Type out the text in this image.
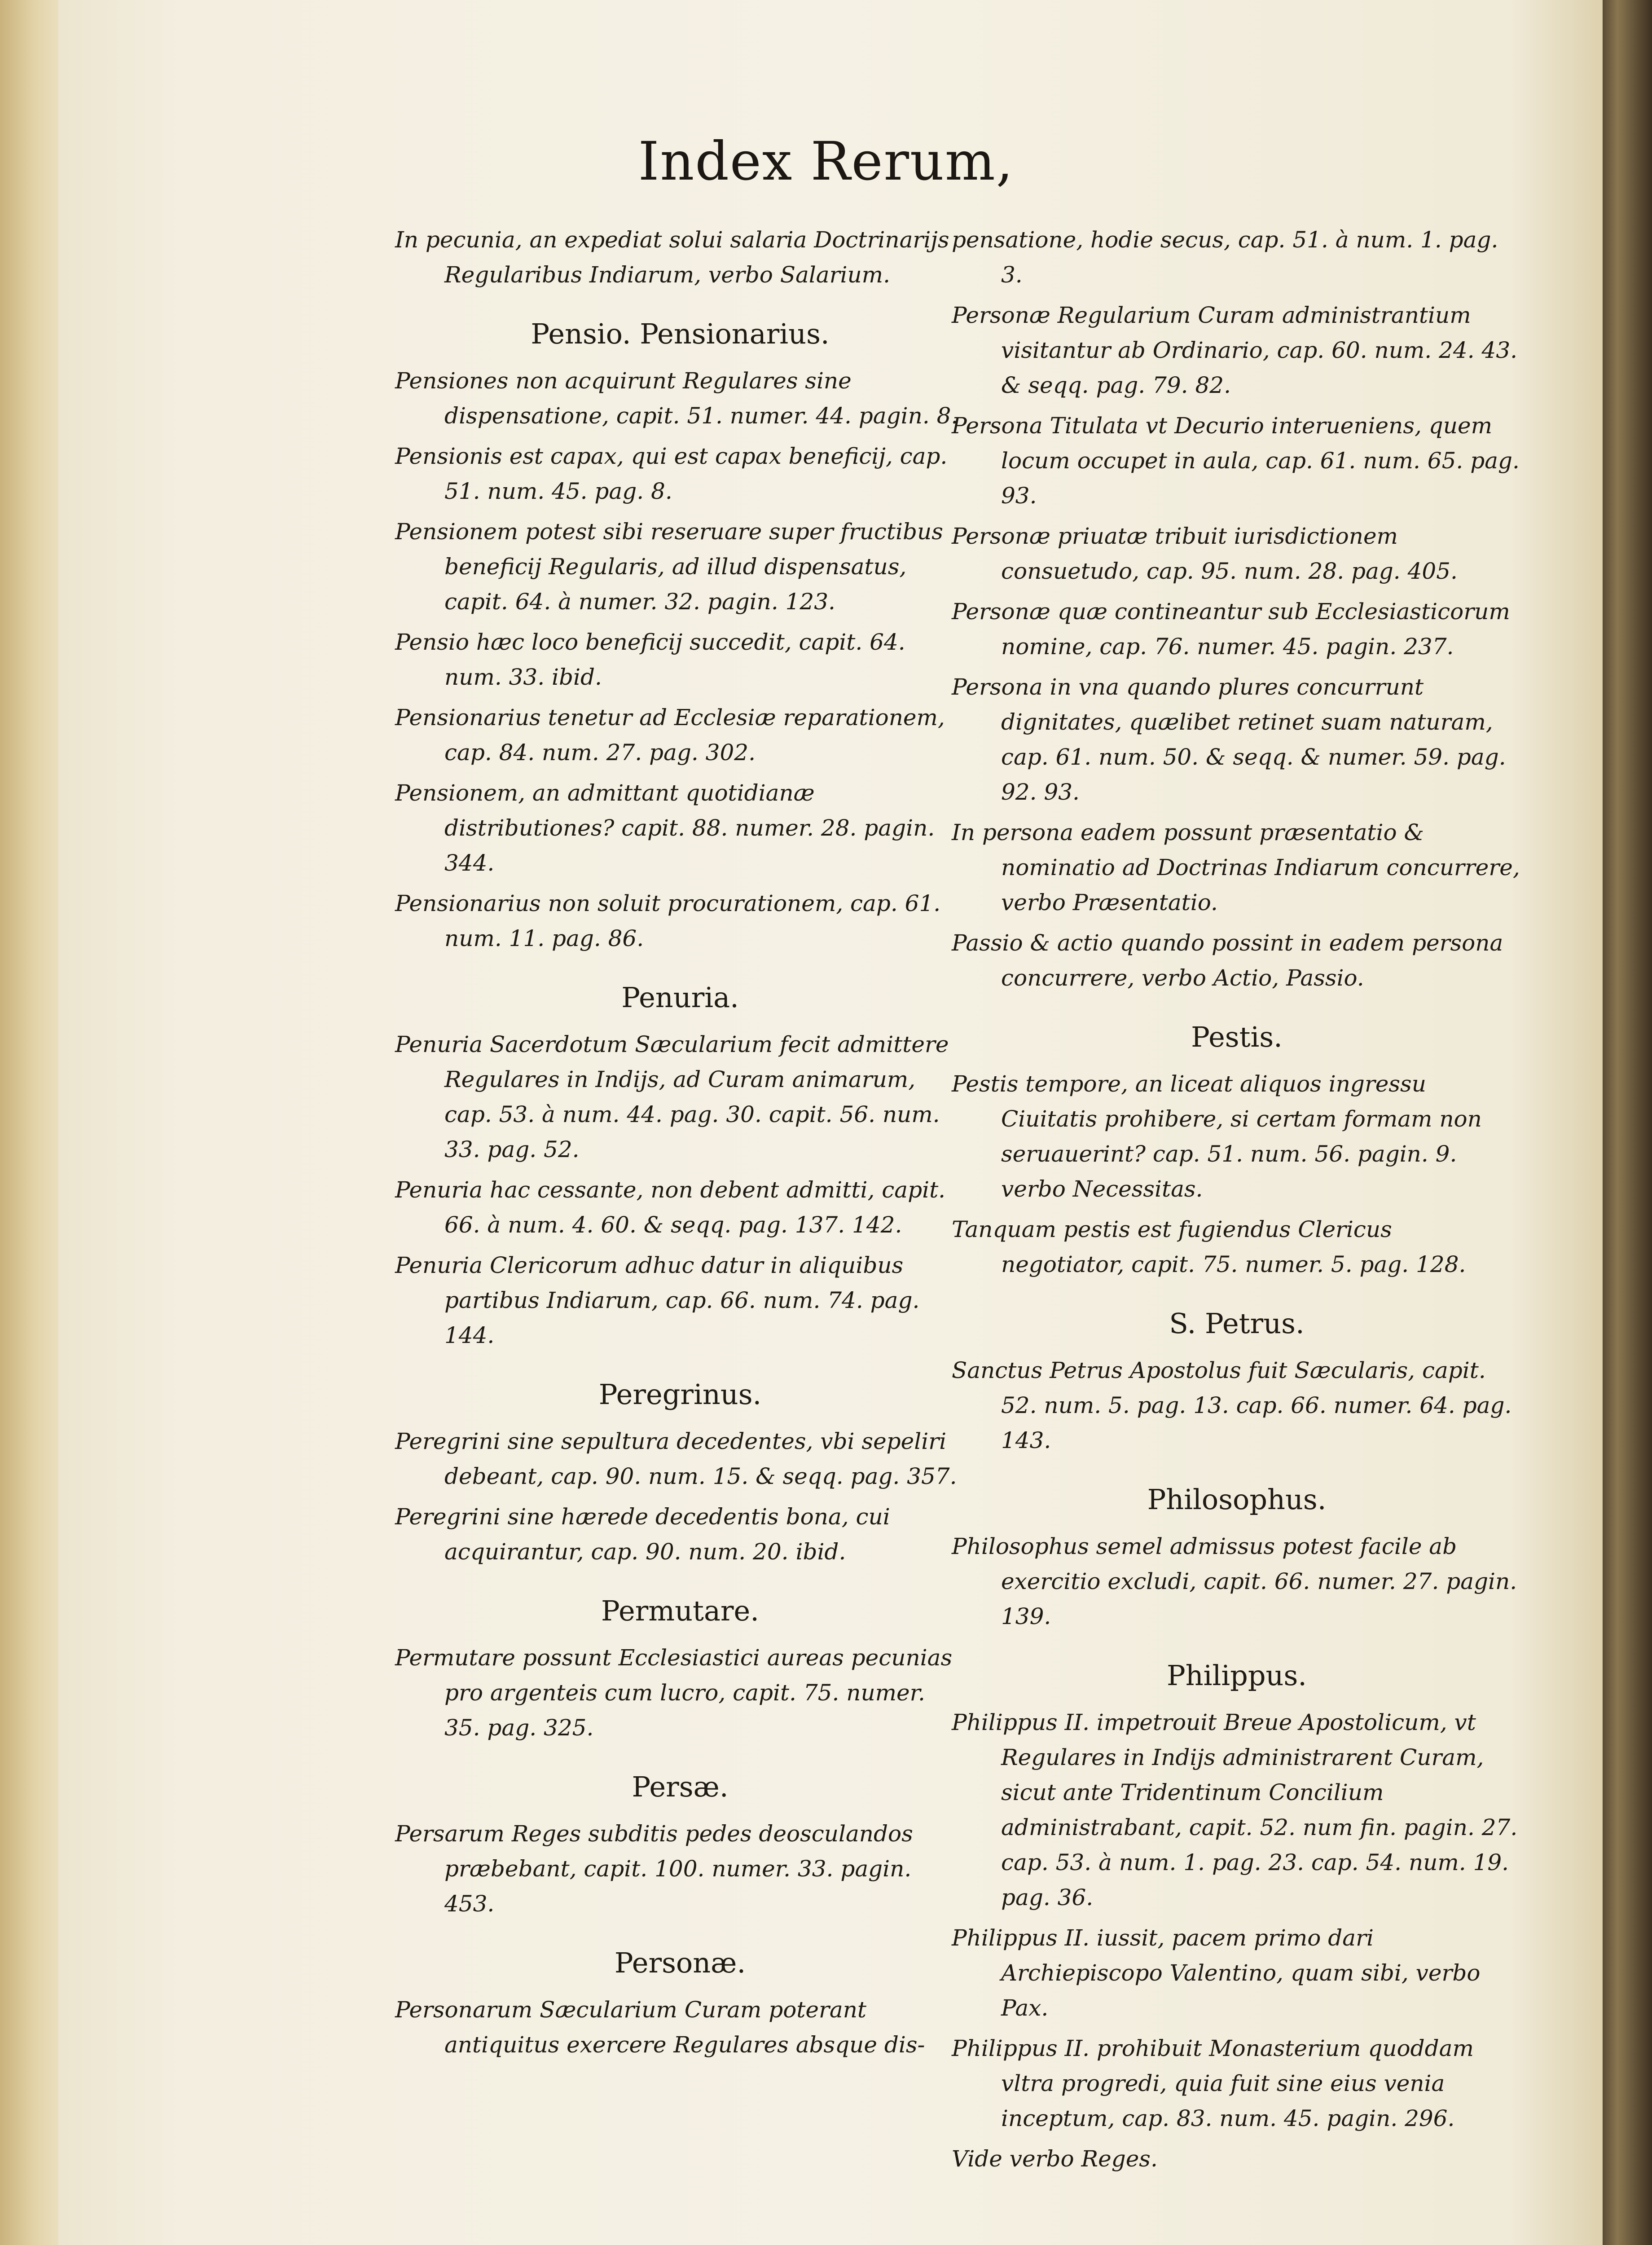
Index Rerum,
In pecunia, an expediat solui salaria Doctrinarijs Regularibus Indiarum, verbo Salarium.
Pensio. Pensionarius.
Pensiones non acquirunt Regulares sine dispensatione, capit. 51. numer. 44. pagin. 8.
Pensionis est capax, qui est capax beneficij, cap. 51. num. 45. pag. 8.
Pensionem potest sibi reseruare super fructibus beneficij Regularis, ad illud dispensatus, capit. 64. à numer. 32. pagin. 123.
Pensio hæc loco beneficij succedit, capit. 64. num. 33. ibid.
Pensionarius tenetur ad Ecclesiæ reparationem, cap. 84. num. 27. pag. 302.
Pensionem, an admittant quotidianæ distributiones? capit. 88. numer. 28. pagin. 344.
Pensionarius non soluit procurationem, cap. 61. num. 11. pag. 86.
Penuria.
Penuria Sacerdotum Sæcularium fecit admittere Regulares in Indijs, ad Curam animarum, cap. 53. à num. 44. pag. 30. capit. 56. num. 33. pag. 52.
Penuria hac cessante, non debent admitti, capit. 66. à num. 4. 60. & seqq. pag. 137. 142.
Penuria Clericorum adhuc datur in aliquibus partibus Indiarum, cap. 66. num. 74. pag. 144.
Peregrinus.
Peregrini sine sepultura decedentes, vbi sepeliri debeant, cap. 90. num. 15. & seqq. pag. 357.
Peregrini sine hærede decedentis bona, cui acquirantur, cap. 90. num. 20. ibid.
Permutare.
Permutare possunt Ecclesiastici aureas pecunias pro argenteis cum lucro, capit. 75. numer. 35. pag. 325.
Persæ.
Persarum Reges subditis pedes deosculandos præbebant, capit. 100. numer. 33. pagin. 453.
Personæ.
Personarum Sæcularium Curam poterant antiquitus exercere Regulares absque dis-
pensatione, hodie secus, cap. 51. à num. 1. pag. 3.
Personæ Regularium Curam administrantium visitantur ab Ordinario, cap. 60. num. 24. 43. & seqq. pag. 79. 82.
Persona Titulata vt Decurio interueniens, quem locum occupet in aula, cap. 61. num. 65. pag. 93.
Personæ priuatæ tribuit iurisdictionem consuetudo, cap. 95. num. 28. pag. 405.
Personæ quæ contineantur sub Ecclesiasticorum nomine, cap. 76. numer. 45. pagin. 237.
Persona in vna quando plures concurrunt dignitates, quælibet retinet suam naturam, cap. 61. num. 50. & seqq. & numer. 59. pag. 92. 93.
In persona eadem possunt præsentatio & nominatio ad Doctrinas Indiarum concurrere, verbo Præsentatio.
Passio & actio quando possint in eadem persona concurrere, verbo Actio, Passio.
Pestis.
Pestis tempore, an liceat aliquos ingressu Ciuitatis prohibere, si certam formam non seruauerint? cap. 51. num. 56. pagin. 9. verbo Necessitas.
Tanquam pestis est fugiendus Clericus negotiator, capit. 75. numer. 5. pag. 128.
S. Petrus.
Sanctus Petrus Apostolus fuit Sæcularis, capit. 52. num. 5. pag. 13. cap. 66. numer. 64. pag. 143.
Philosophus.
Philosophus semel admissus potest facile ab exercitio excludi, capit. 66. numer. 27. pagin. 139.
Philippus.
Philippus II. impetrouit Breue Apostolicum, vt Regulares in Indijs administrarent Curam, sicut ante Tridentinum Concilium administrabant, capit. 52. num fin. pagin. 27. cap. 53. à num. 1. pag. 23. cap. 54. num. 19. pag. 36.
Philippus II. iussit, pacem primo dari Archiepiscopo Valentino, quam sibi, verbo Pax.
Philippus II. prohibuit Monasterium quoddam vltra progredi, quia fuit sine eius venia inceptum, cap. 83. num. 45. pagin. 296.
Vide verbo Reges.
